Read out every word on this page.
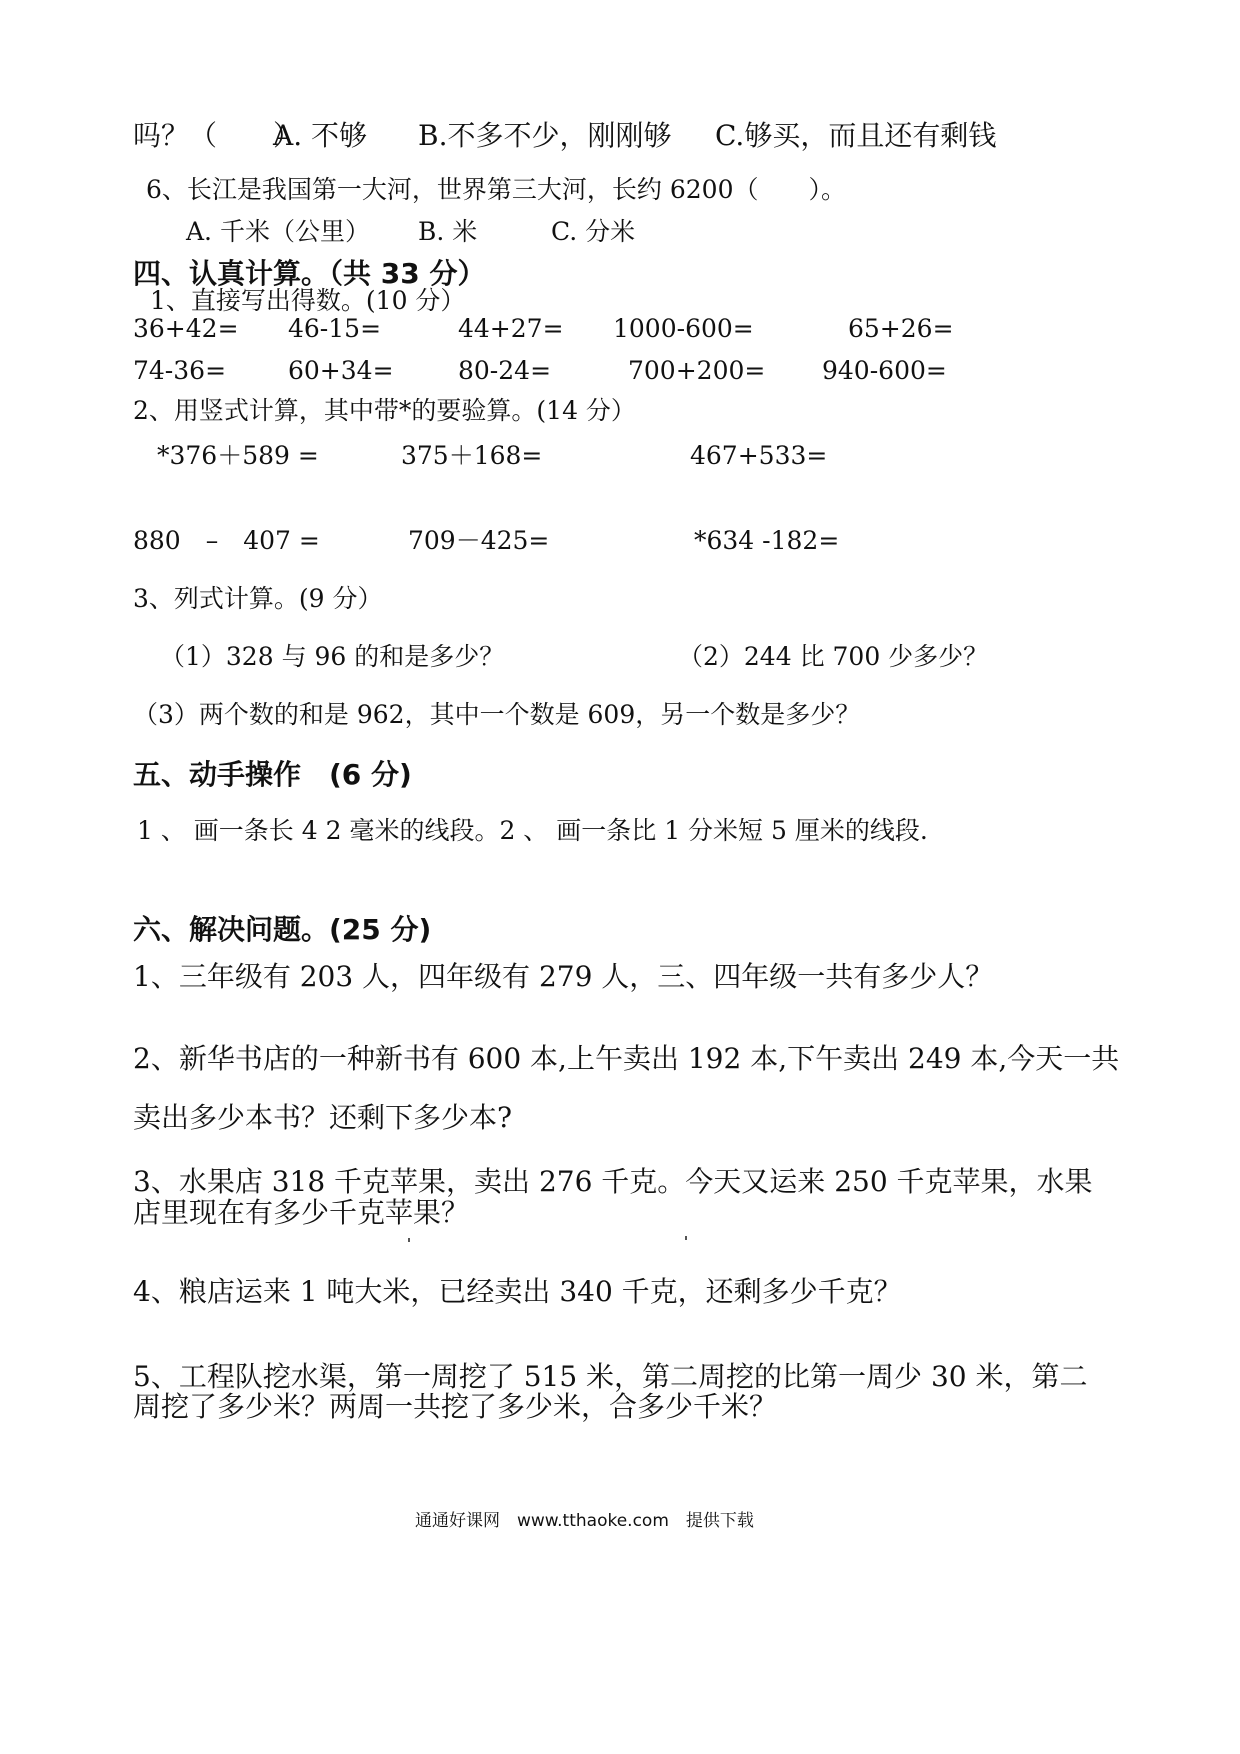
吗？（　　）
A. 不够 B.不多不少，刚刚够 C.够买，而且还有剩钱
6、长江是我国第一大河，世界第三大河，长约 6200（　　）。
A. 千米（公里） B. 米	C. 分米
四、认真计算。（共 33 分）
1、直接写出得数。(10 分）
36+42= 46-15=	44+27= 1000-600=	65+26=
74-36= 60+34=	80-24=	700+200= 940-600=
2、用竖式计算，其中带*的要验算。(14 分）
*376＋589 =	375＋168=	467+533=
880　–　407 =	709－425=	*634 -182=
3、列式计算。(9 分）
（1）328 与 96 的和是多少？	（2）244 比 700 少多少？
（3）两个数的和是 962，其中一个数是 609，另一个数是多少？
五、动手操作　(6 分)
1 、 画一条长 4 2 毫米的线段。2 、 画一条比 1 分米短 5 厘米的线段.
六、解决问题。(25 分)
1、三年级有 203 人，四年级有 279 人，三、四年级一共有多少人？
2、新华书店的一种新书有 600 本,上午卖出 192 本,下午卖出 249 本,今天一共
卖出多少本书？还剩下多少本?
3、水果店 318 千克苹果，卖出 276 千克。今天又运来 250 千克苹果，水果
店里现在有多少千克苹果？
4、粮店运来 1 吨大米，已经卖出 340 千克，还剩多少千克？
5、工程队挖水渠，第一周挖了 515 米，第二周挖的比第一周少 30 米，第二
周挖了多少米？两周一共挖了多少米，合多少千米？
通通好课网　www.tthaoke.com　提供下载
